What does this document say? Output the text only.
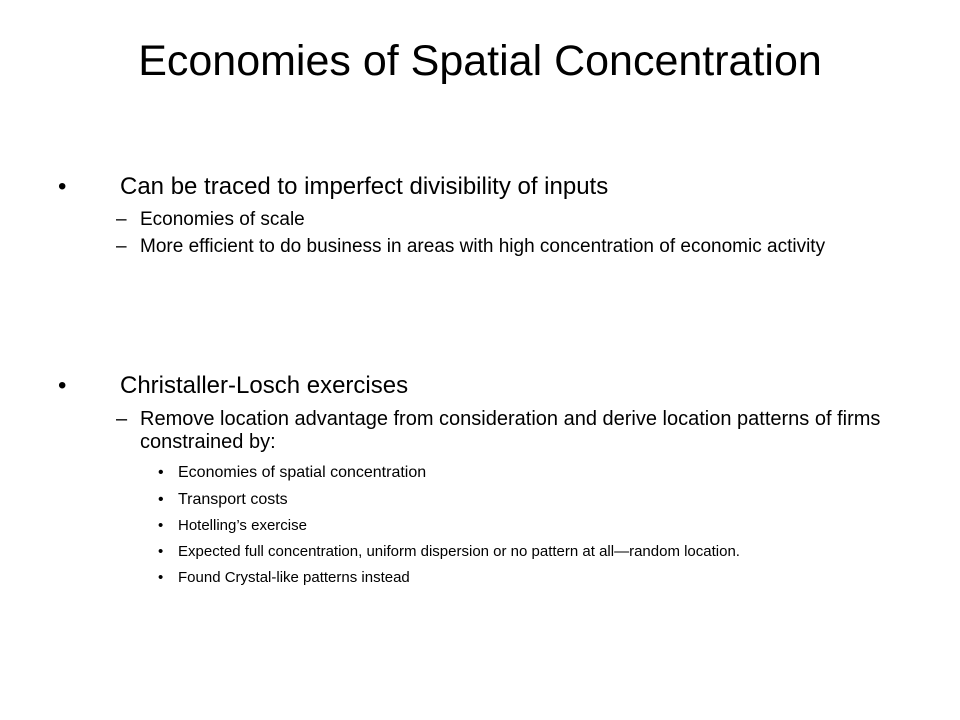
Economies of Spatial Concentration
• Can be traced to imperfect divisibility of inputs
– Economies of scale
– More efficient to do business in areas with high concentration of economic activity
• Christaller-Losch exercises
– Remove location advantage from consideration and derive location patterns of firms constrained by:
• Economies of spatial concentration
• Transport costs
• Hotelling’s exercise
• Expected full concentration, uniform dispersion or no pattern at all—random location.
• Found Crystal-like patterns instead
